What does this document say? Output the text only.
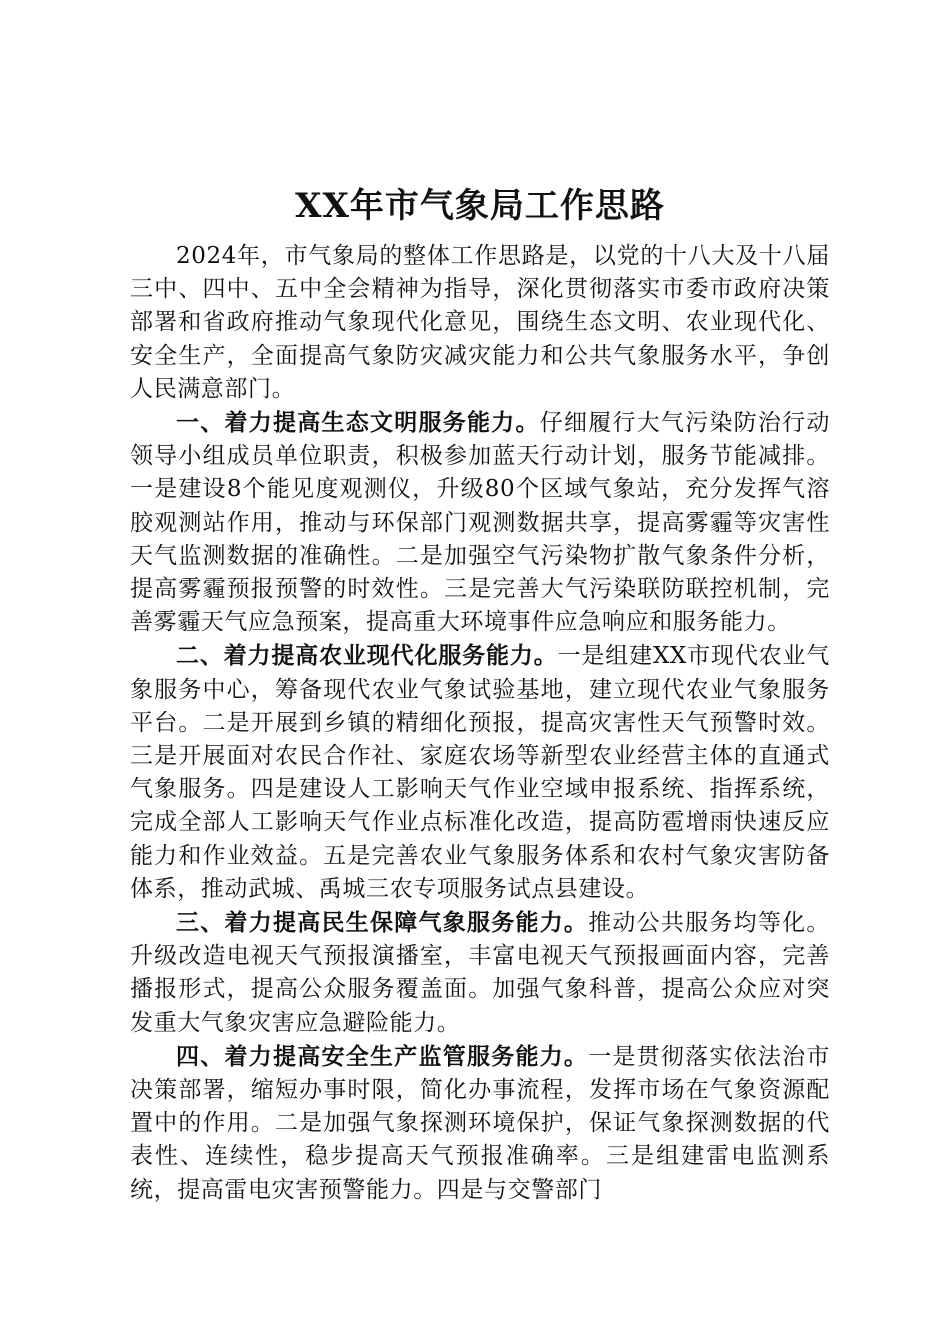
XX年市气象局工作思路

2024年，市气象局的整体工作思路是，以党的十八大及十八届三中、四中、五中全会精神为指导，深化贯彻落实市委市政府决策部署和省政府推动气象现代化意见，围绕生态文明、农业现代化、安全生产，全面提高气象防灾减灾能力和公共气象服务水平，争创人民满意部门。

一、着力提高生态文明服务能力。仔细履行大气污染防治行动领导小组成员单位职责，积极参加蓝天行动计划，服务节能减排。一是建设8个能见度观测仪，升级80个区域气象站，充分发挥气溶胶观测站作用，推动与环保部门观测数据共享，提高雾霾等灾害性天气监测数据的准确性。二是加强空气污染物扩散气象条件分析，提高雾霾预报预警的时效性。三是完善大气污染联防联控机制，完善雾霾天气应急预案，提高重大环境事件应急响应和服务能力。

二、着力提高农业现代化服务能力。一是组建XX市现代农业气象服务中心，筹备现代农业气象试验基地，建立现代农业气象服务平台。二是开展到乡镇的精细化预报，提高灾害性天气预警时效。三是开展面对农民合作社、家庭农场等新型农业经营主体的直通式气象服务。四是建设人工影响天气作业空域申报系统、指挥系统，完成全部人工影响天气作业点标准化改造，提高防雹增雨快速反应能力和作业效益。五是完善农业气象服务体系和农村气象灾害防备体系，推动武城、禹城三农专项服务试点县建设。

三、着力提高民生保障气象服务能力。推动公共服务均等化。升级改造电视天气预报演播室，丰富电视天气预报画面内容，完善播报形式，提高公众服务覆盖面。加强气象科普，提高公众应对突发重大气象灾害应急避险能力。

四、着力提高安全生产监管服务能力。一是贯彻落实依法治市决策部署，缩短办事时限，简化办事流程，发挥市场在气象资源配置中的作用。二是加强气象探测环境保护，保证气象探测数据的代表性、连续性，稳步提高天气预报准确率。三是组建雷电监测系统，提高雷电灾害预警能力。四是与交警部门
